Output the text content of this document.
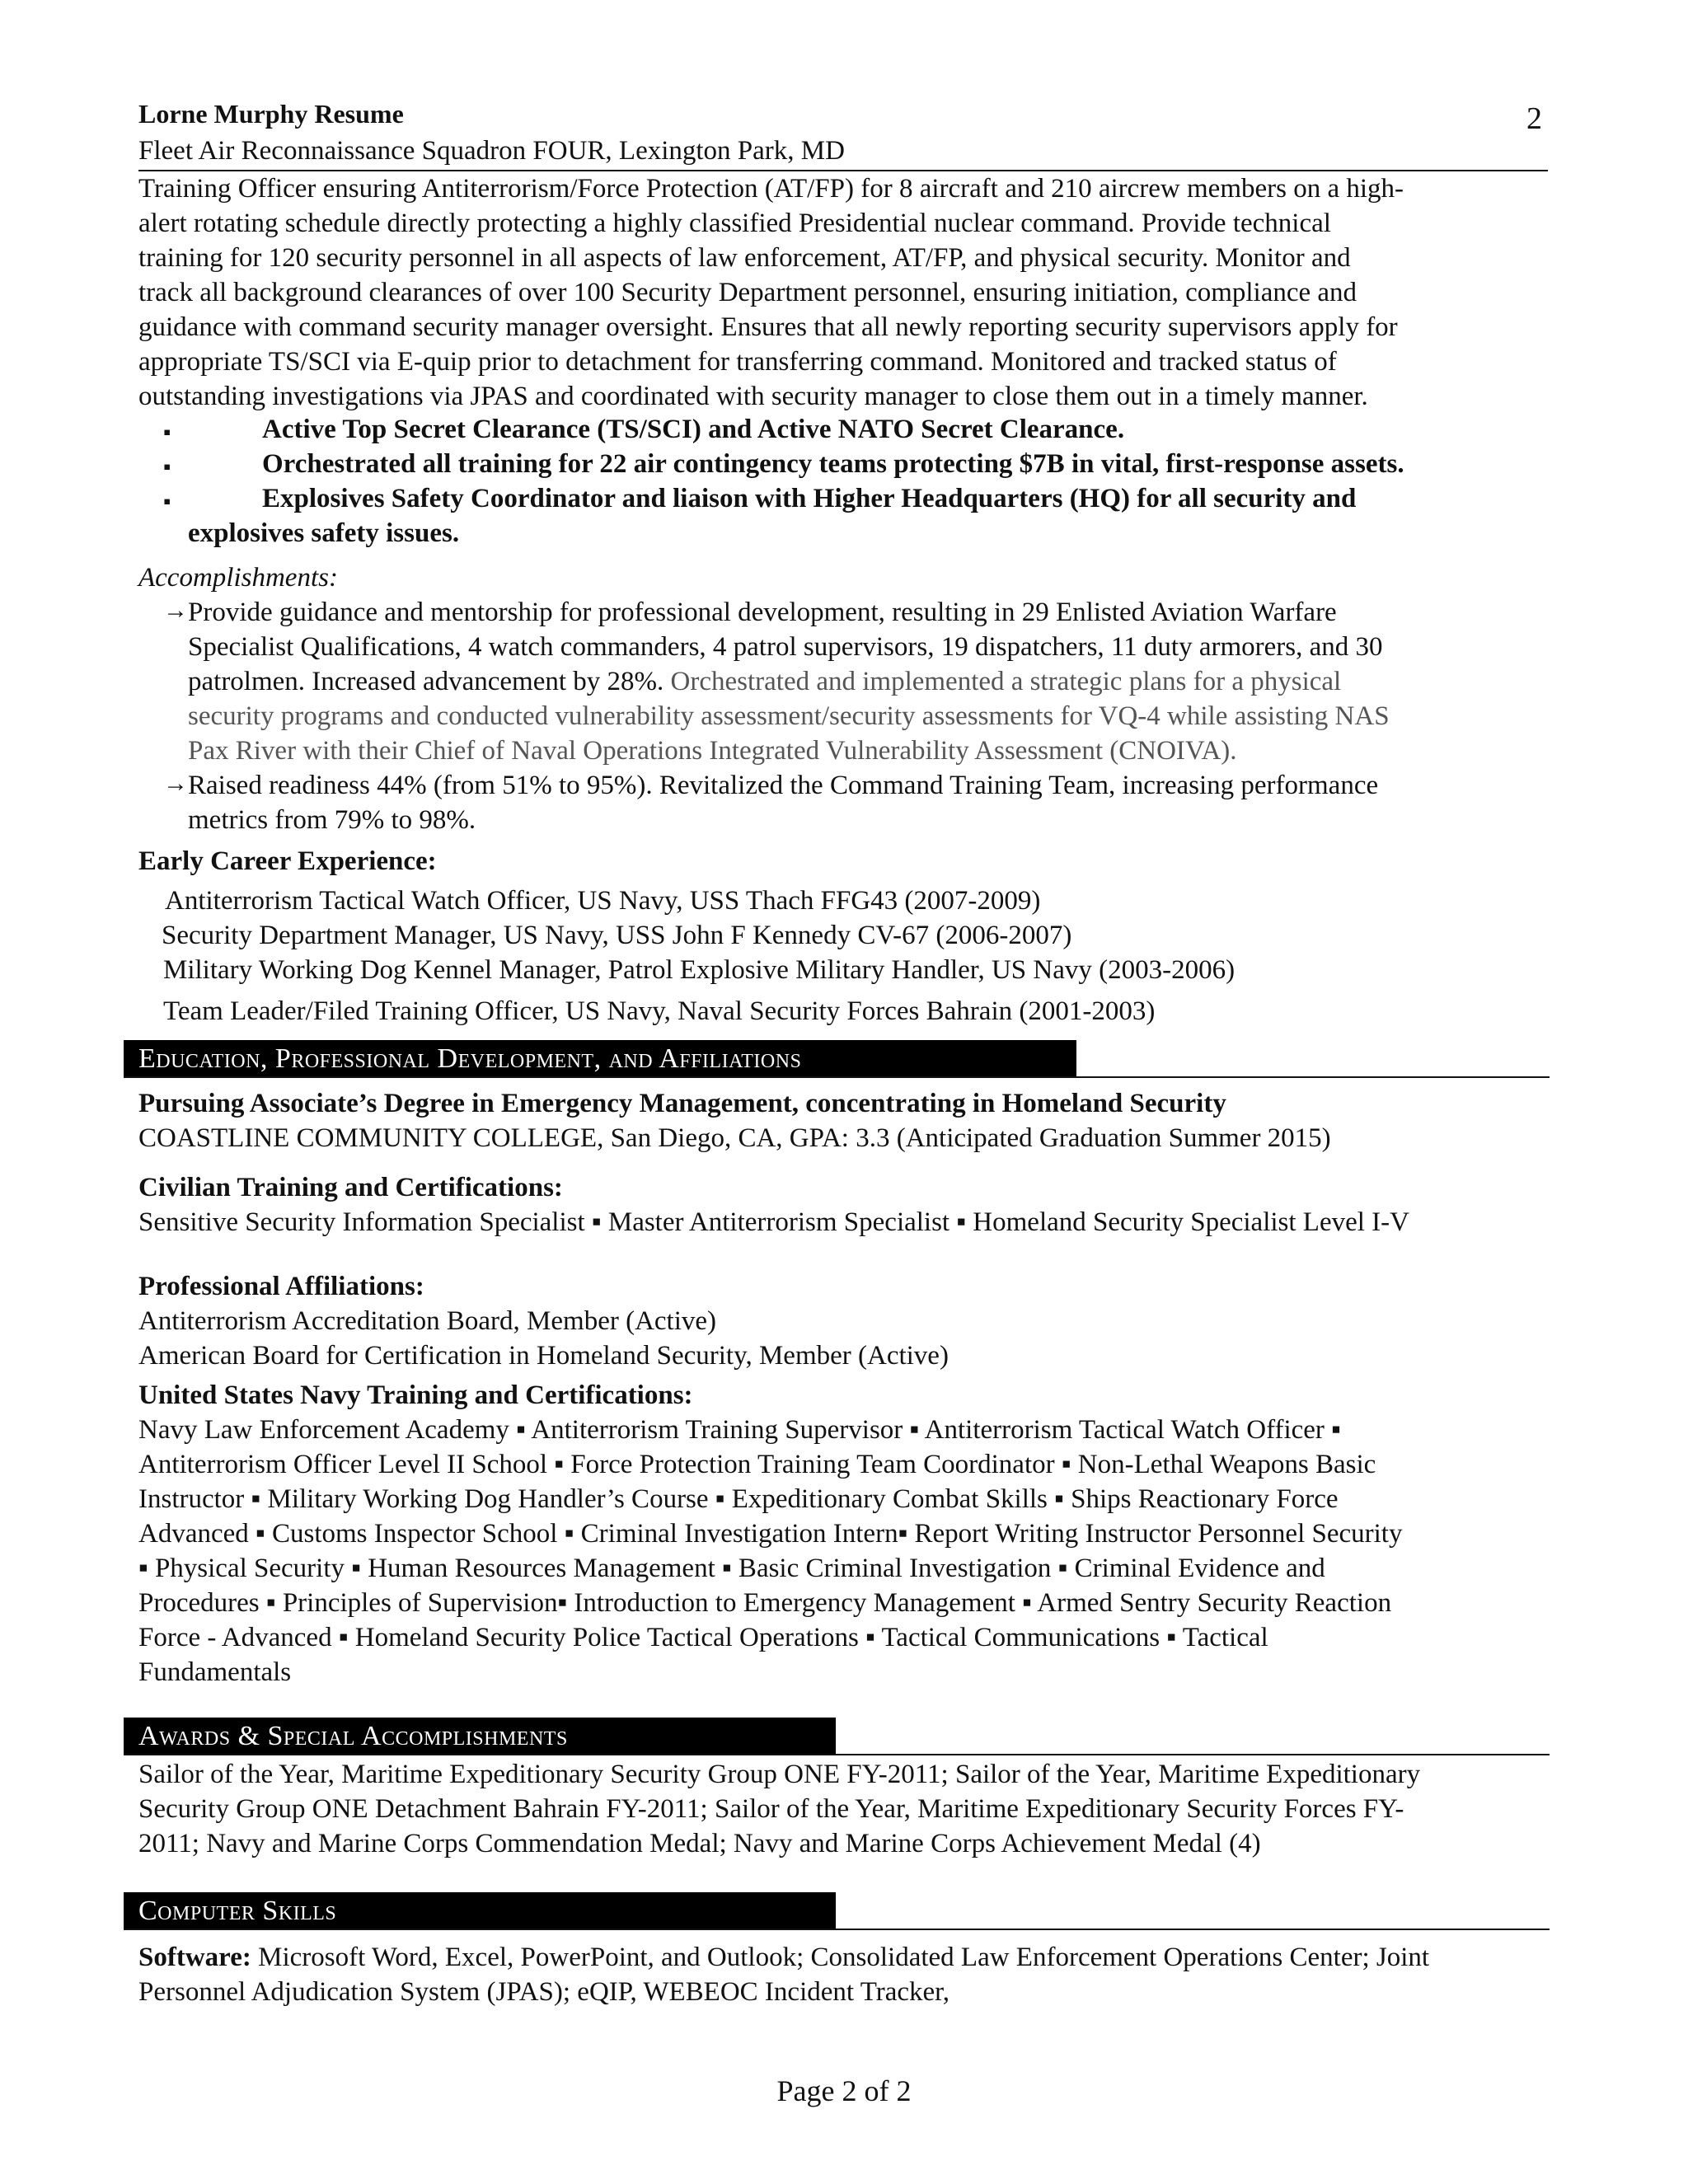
Lorne Murphy Resume	2
Fleet Air Reconnaissance Squadron FOUR, Lexington Park, MD
Training Officer ensuring Antiterrorism/Force Protection (AT/FP) for 8 aircraft and 210 aircrew members on a high-
alert rotating schedule directly protecting a highly classified Presidential nuclear command. Provide technical
training for 120 security personnel in all aspects of law enforcement, AT/FP, and physical security. Monitor and
track all background clearances of over 100 Security Department personnel, ensuring initiation, compliance and
guidance with command security manager oversight. Ensures that all newly reporting security supervisors apply for
appropriate TS/SCI via E-quip prior to detachment for transferring command. Monitored and tracked status of
outstanding investigations via JPAS and coordinated with security manager to close them out in a timely manner.
▪	Active Top Secret Clearance (TS/SCI) and Active NATO Secret Clearance.
▪	Orchestrated all training for 22 air contingency teams protecting $7B in vital, first-response assets.
▪	Explosives Safety Coordinator and liaison with Higher Headquarters (HQ) for all security and
explosives safety issues.
Accomplishments:
→ Provide guidance and mentorship for professional development, resulting in 29 Enlisted Aviation Warfare
Specialist Qualifications, 4 watch commanders, 4 patrol supervisors, 19 dispatchers, 11 duty armorers, and 30
patrolmen. Increased advancement by 28%. Orchestrated and implemented a strategic plans for a physical
security programs and conducted vulnerability assessment/security assessments for VQ-4 while assisting NAS
Pax River with their Chief of Naval Operations Integrated Vulnerability Assessment (CNOIVA).
→ Raised readiness 44% (from 51% to 95%). Revitalized the Command Training Team, increasing performance
metrics from 79% to 98%.
Early Career Experience:
Antiterrorism Tactical Watch Officer, US Navy, USS Thach FFG43 (2007-2009)
Security Department Manager, US Navy, USS John F Kennedy CV-67 (2006-2007)
Military Working Dog Kennel Manager, Patrol Explosive Military Handler, US Navy (2003-2006)
Team Leader/Filed Training Officer, US Navy, Naval Security Forces Bahrain (2001-2003)
Education, Professional Development, and Affiliations
Pursuing Associate’s Degree in Emergency Management, concentrating in Homeland Security
COASTLINE COMMUNITY COLLEGE, San Diego, CA, GPA: 3.3 (Anticipated Graduation Summer 2015)
Civilian Training and Certifications:
Sensitive Security Information Specialist ▪ Master Antiterrorism Specialist ▪ Homeland Security Specialist Level I-V
Professional Affiliations:
Antiterrorism Accreditation Board, Member (Active)
American Board for Certification in Homeland Security, Member (Active)
United States Navy Training and Certifications:
Navy Law Enforcement Academy ▪ Antiterrorism Training Supervisor ▪ Antiterrorism Tactical Watch Officer ▪
Antiterrorism Officer Level II School ▪ Force Protection Training Team Coordinator ▪ Non-Lethal Weapons Basic
Instructor ▪ Military Working Dog Handler’s Course ▪ Expeditionary Combat Skills ▪ Ships Reactionary Force
Advanced ▪ Customs Inspector School ▪ Criminal Investigation Intern▪ Report Writing Instructor Personnel Security
▪ Physical Security ▪ Human Resources Management ▪ Basic Criminal Investigation ▪ Criminal Evidence and
Procedures ▪ Principles of Supervision▪ Introduction to Emergency Management ▪ Armed Sentry Security Reaction
Force - Advanced ▪ Homeland Security Police Tactical Operations ▪ Tactical Communications ▪ Tactical
Fundamentals
Awards & Special Accomplishments
Sailor of the Year, Maritime Expeditionary Security Group ONE FY-2011; Sailor of the Year, Maritime Expeditionary
Security Group ONE Detachment Bahrain FY-2011; Sailor of the Year, Maritime Expeditionary Security Forces FY-
2011; Navy and Marine Corps Commendation Medal; Navy and Marine Corps Achievement Medal (4)
Computer Skills
Software: Microsoft Word, Excel, PowerPoint, and Outlook; Consolidated Law Enforcement Operations Center; Joint
Personnel Adjudication System (JPAS); eQIP, WEBEOC Incident Tracker,
Page 2 of 2
